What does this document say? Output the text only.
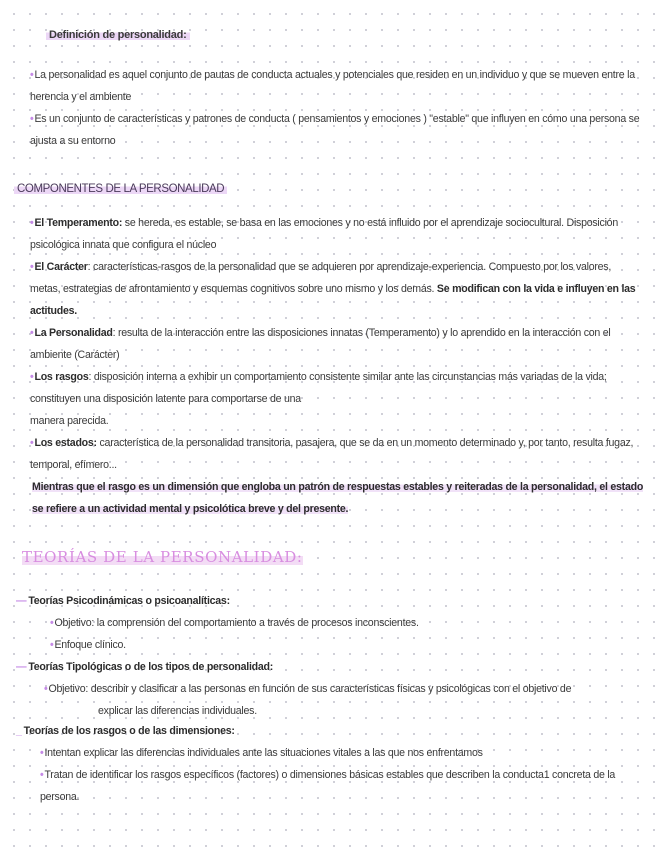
Definición de personalidad:

•La personalidad es aquel conjunto de pautas de conducta actuales y potenciales que residen en un individuo y que se mueven entre la herencia y el ambiente

•Es un conjunto de características y patrones de conducta ( pensamientos y emociones ) "estable" que influyen en cómo una persona se ajusta a su entorno

COMPONENTES DE LA PERSONALIDAD

•El Temperamento: se hereda, es estable, se basa en las emociones y no está influido por el aprendizaje sociocultural. Disposición psicológica innata que configura el núcleo

•El Carácter: características-rasgos de la personalidad que se adquieren por aprendizaje-experiencia. Compuesto por los valores, metas, estrategias de afrontamiento y esquemas cognitivos sobre uno mismo y los demás. Se modifican con la vida e influyen en las actitudes.

•La Personalidad: resulta de la interacción entre las disposiciones innatas (Temperamento) y lo aprendido en la interacción con el ambiente (Carácter)

•Los rasgos: disposición interna a exhibir un comportamiento consistente similar ante las circunstancias más variadas de la vida; constituyen una disposición latente para comportarse de una

manera parecida.

•Los estados: característica de la personalidad transitoria, pasajera, que se da en un momento determinado y, por tanto, resulta fugaz, temporal, efímero...

Mientras que el rasgo es un dimensión que engloba un patrón de respuestas estables y reiteradas de la personalidad, el estado se refiere a un actividad mental y psicolótica breve y del presente.

TEORÍAS DE LA PERSONALIDAD:
— Teorías Psicodinámicas o psicoanalíticas:
•Objetivo: la comprensión del comportamiento a través de procesos inconscientes.
•Enfoque clínico.
— Teorías Tipológicas o de los tipos de personalidad:
•Objetivo: describir y clasificar a las personas en función de sus características físicas y psicológicas con el objetivo de
explicar las diferencias individuales.
_ Teorías de los rasgos o de las dimensiones:
•Intentan explicar las diferencias individuales ante las situaciones vitales a las que nos enfrentamos
•Tratan de identificar los rasgos específicos (factores) o dimensiones básicas estables que describen la conducta1 concreta de la persona.
